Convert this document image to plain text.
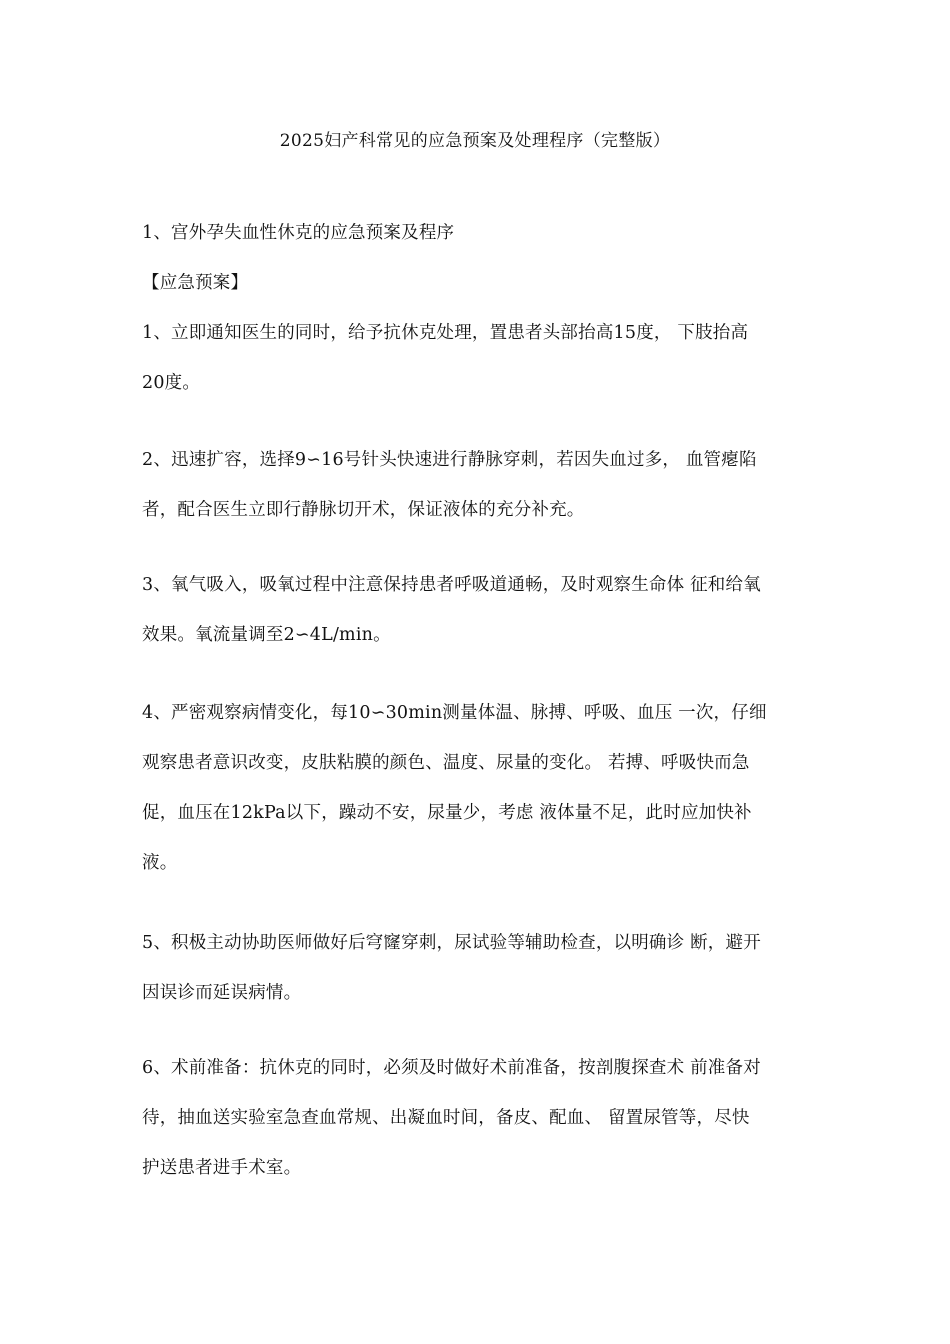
2025妇产科常见的应急预案及处理程序（完整版）
1、宫外孕失血性休克的应急预案及程序
【应急预案】
1、立即通知医生的同时，给予抗休克处理，置患者头部抬高15度， 下肢抬高
20度。
2、迅速扩容，选择9∽16号针头快速进行静脉穿刺，若因失血过多， 血管瘪陷
者，配合医生立即行静脉切开术，保证液体的充分补充。
3、氧气吸入，吸氧过程中注意保持患者呼吸道通畅，及时观察生命体 征和给氧
效果。氧流量调至2∽4L/min。
4、严密观察病情变化，每10∽30min测量体温、脉搏、呼吸、血压 一次，仔细
观察患者意识改变，皮肤粘膜的颜色、温度、尿量的变化。 若搏、呼吸快而急
促，血压在12kPa以下，躁动不安，尿量少，考虑 液体量不足，此时应加快补
液。
5、积极主动协助医师做好后穹窿穿刺，尿试验等辅助检查，以明确诊 断，避开
因误诊而延误病情。
6、术前准备：抗休克的同时，必须及时做好术前准备，按剖腹探查术 前准备对
待，抽血送实验室急查血常规、出凝血时间，备皮、配血、 留置尿管等，尽快
护送患者进手术室。
